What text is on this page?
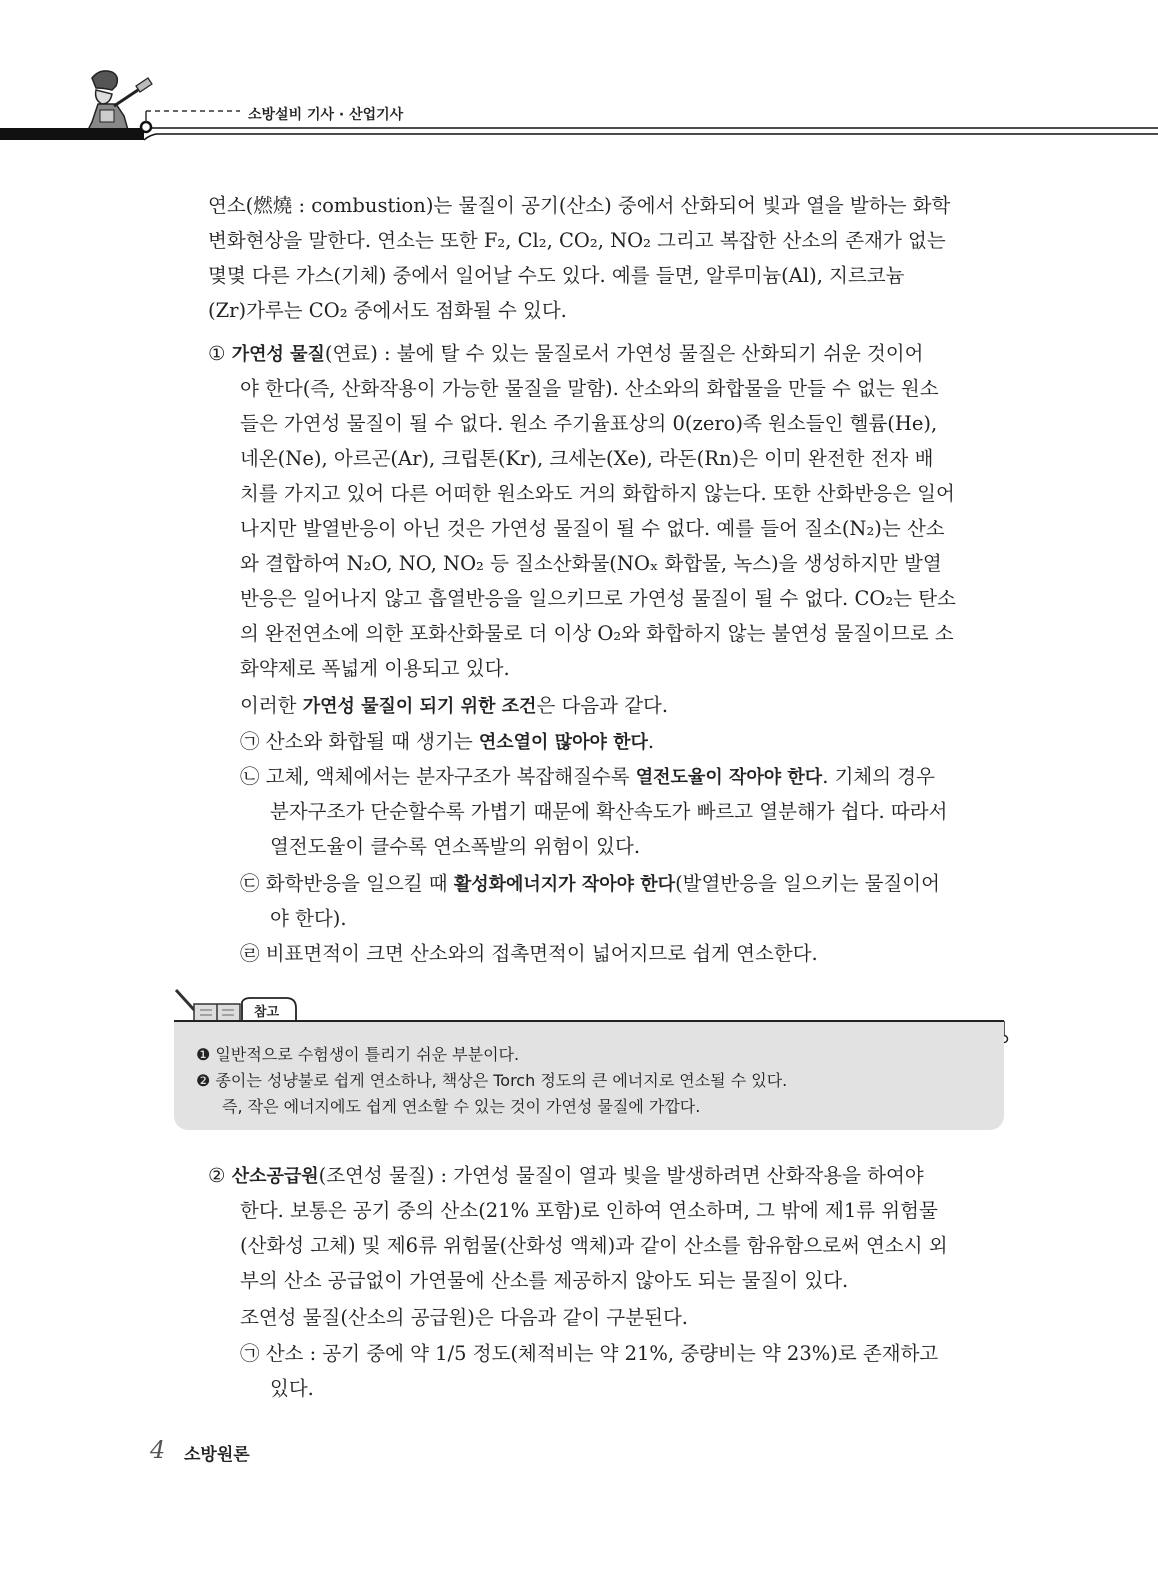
소방설비 기사 · 산업기사
연소(燃燒 : combustion)는 물질이 공기(산소) 중에서 산화되어 빛과 열을 발하는 화학
변화현상을 말한다. 연소는 또한 F₂, Cl₂, CO₂, NO₂ 그리고 복잡한 산소의 존재가 없는
몇몇 다른 가스(기체) 중에서 일어날 수도 있다. 예를 들면, 알루미늄(Al), 지르코늄
(Zr)가루는 CO₂ 중에서도 점화될 수 있다.
① 가연성 물질(연료) : 불에 탈 수 있는 물질로서 가연성 물질은 산화되기 쉬운 것이어
야 한다(즉, 산화작용이 가능한 물질을 말함). 산소와의 화합물을 만들 수 없는 원소
들은 가연성 물질이 될 수 없다. 원소 주기율표상의 0(zero)족 원소들인 헬륨(He),
네온(Ne), 아르곤(Ar), 크립톤(Kr), 크세논(Xe), 라돈(Rn)은 이미 완전한 전자 배
치를 가지고 있어 다른 어떠한 원소와도 거의 화합하지 않는다. 또한 산화반응은 일어
나지만 발열반응이 아닌 것은 가연성 물질이 될 수 없다. 예를 들어 질소(N₂)는 산소
와 결합하여 N₂O, NO, NO₂ 등 질소산화물(NOₓ 화합물, 녹스)을 생성하지만 발열
반응은 일어나지 않고 흡열반응을 일으키므로 가연성 물질이 될 수 없다. CO₂는 탄소
의 완전연소에 의한 포화산화물로 더 이상 O₂와 화합하지 않는 불연성 물질이므로 소
화약제로 폭넓게 이용되고 있다.
이러한 가연성 물질이 되기 위한 조건은 다음과 같다.
㉠ 산소와 화합될 때 생기는 연소열이 많아야 한다.
㉡ 고체, 액체에서는 분자구조가 복잡해질수록 열전도율이 작아야 한다. 기체의 경우
분자구조가 단순할수록 가볍기 때문에 확산속도가 빠르고 열분해가 쉽다. 따라서
열전도율이 클수록 연소폭발의 위험이 있다.
㉢ 화학반응을 일으킬 때 활성화에너지가 작아야 한다(발열반응을 일으키는 물질이어
야 한다).
㉣ 비표면적이 크면 산소와의 접촉면적이 넓어지므로 쉽게 연소한다.
참고
❶ 일반적으로 수험생이 틀리기 쉬운 부분이다.
❷ 종이는 성냥불로 쉽게 연소하나, 책상은 Torch 정도의 큰 에너지로 연소될 수 있다.
즉, 작은 에너지에도 쉽게 연소할 수 있는 것이 가연성 물질에 가깝다.
② 산소공급원(조연성 물질) : 가연성 물질이 열과 빛을 발생하려면 산화작용을 하여야
한다. 보통은 공기 중의 산소(21% 포함)로 인하여 연소하며, 그 밖에 제1류 위험물
(산화성 고체) 및 제6류 위험물(산화성 액체)과 같이 산소를 함유함으로써 연소시 외
부의 산소 공급없이 가연물에 산소를 제공하지 않아도 되는 물질이 있다.
조연성 물질(산소의 공급원)은 다음과 같이 구분된다.
㉠ 산소 : 공기 중에 약 1/5 정도(체적비는 약 21%, 중량비는 약 23%)로 존재하고
있다.
4 소방원론
